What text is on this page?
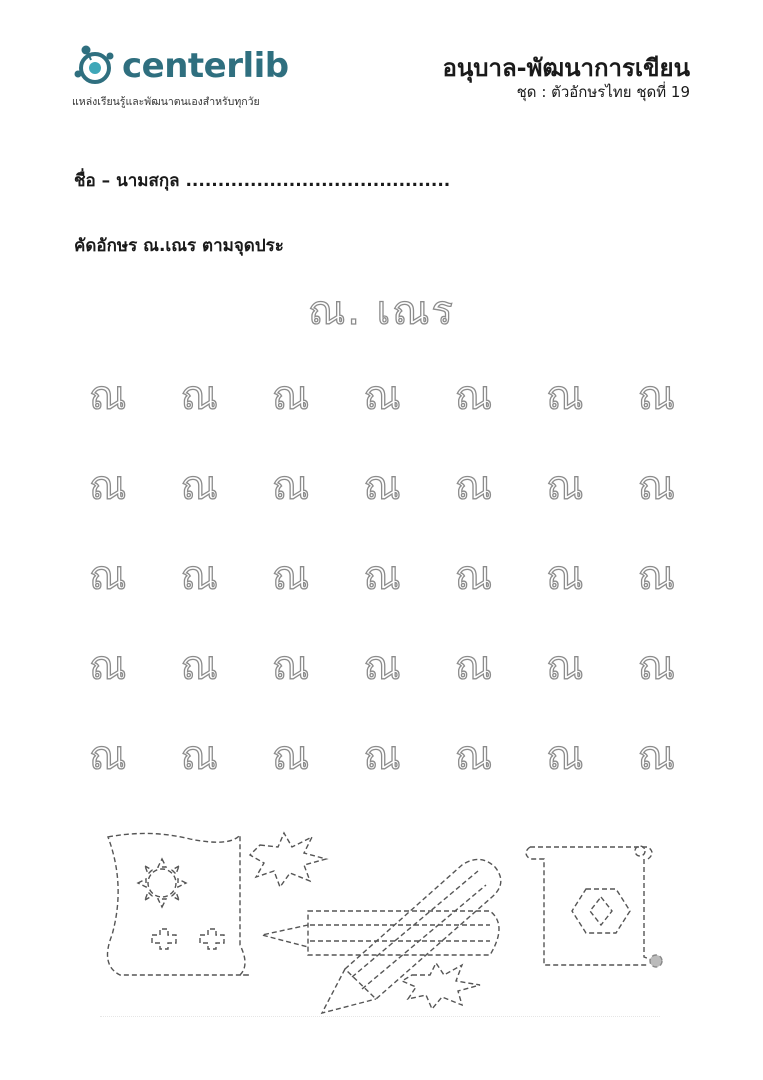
centerlib
แหล่งเรียนรู้และพัฒนาตนเองสำหรับทุกวัย
อนุบาล-พัฒนาการเขียน
ชุด : ตัวอักษรไทย ชุดที่ 19
ชื่อ – นามสกุล .........................................
คัดอักษร ณ.เณร ตามจุดประ
ณ. เณร
ณ	ณ	ณ	ณ	ณ	ณ	ณ
ณ	ณ	ณ	ณ	ณ	ณ	ณ
ณ	ณ	ณ	ณ	ณ	ณ	ณ
ณ	ณ	ณ	ณ	ณ	ณ	ณ
ณ	ณ	ณ	ณ	ณ	ณ	ณ
